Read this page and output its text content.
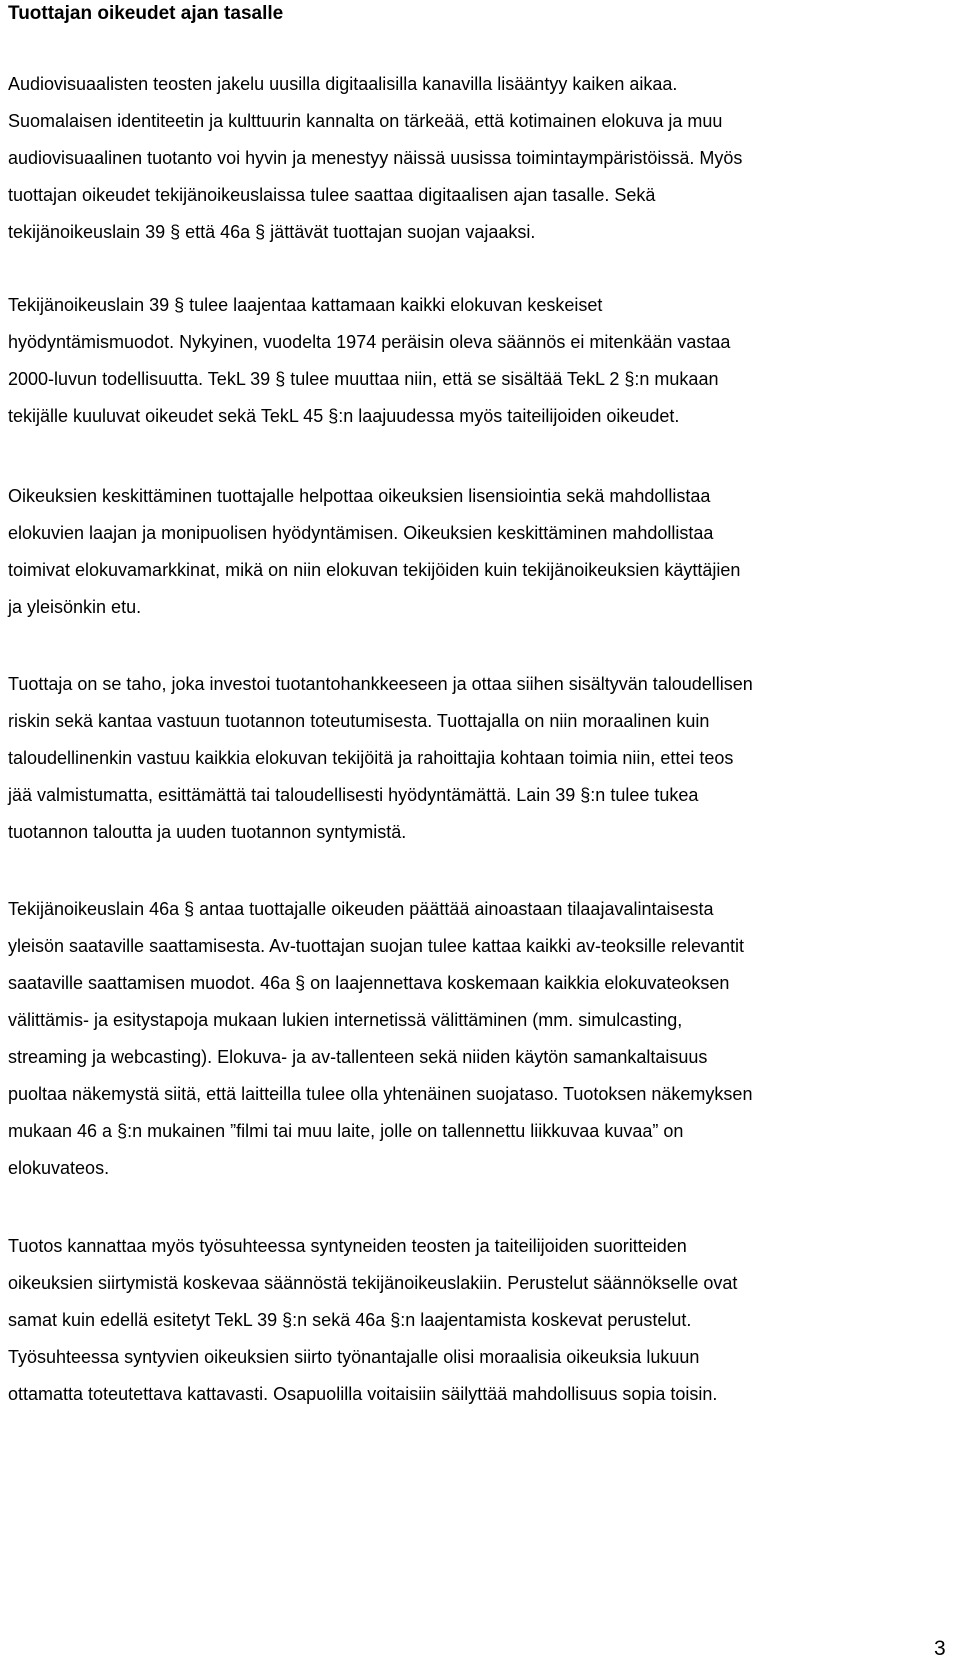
Tuottajan oikeudet ajan tasalle
Audiovisuaalisten teosten jakelu uusilla digitaalisilla kanavilla lisääntyy kaiken aikaa.
Suomalaisen identiteetin ja kulttuurin kannalta on tärkeää, että kotimainen elokuva ja muu
audiovisuaalinen tuotanto voi hyvin ja menestyy näissä uusissa toimintaympäristöissä. Myös
tuottajan oikeudet tekijänoikeuslaissa tulee saattaa digitaalisen ajan tasalle. Sekä
tekijänoikeuslain 39 § että 46a § jättävät tuottajan suojan vajaaksi.
Tekijänoikeuslain 39 § tulee laajentaa kattamaan kaikki elokuvan keskeiset
hyödyntämismuodot. Nykyinen, vuodelta 1974 peräisin oleva säännös ei mitenkään vastaa
2000-luvun todellisuutta. TekL 39 § tulee muuttaa niin, että se sisältää TekL 2 §:n mukaan
tekijälle kuuluvat oikeudet sekä TekL 45 §:n laajuudessa myös taiteilijoiden oikeudet.
Oikeuksien keskittäminen tuottajalle helpottaa oikeuksien lisensiointia sekä mahdollistaa
elokuvien laajan ja monipuolisen hyödyntämisen. Oikeuksien keskittäminen mahdollistaa
toimivat elokuvamarkkinat, mikä on niin elokuvan tekijöiden kuin tekijänoikeuksien käyttäjien
ja yleisönkin etu.
Tuottaja on se taho, joka investoi tuotantohankkeeseen ja ottaa siihen sisältyvän taloudellisen
riskin sekä kantaa vastuun tuotannon toteutumisesta. Tuottajalla on niin moraalinen kuin
taloudellinenkin vastuu kaikkia elokuvan tekijöitä ja rahoittajia kohtaan toimia niin, ettei teos
jää valmistumatta, esittämättä tai taloudellisesti hyödyntämättä. Lain 39 §:n tulee tukea
tuotannon taloutta ja uuden tuotannon syntymistä.
Tekijänoikeuslain 46a § antaa tuottajalle oikeuden päättää ainoastaan tilaajavalintaisesta
yleisön saataville saattamisesta. Av-tuottajan suojan tulee kattaa kaikki av-teoksille relevantit
saataville saattamisen muodot. 46a § on laajennettava koskemaan kaikkia elokuvateoksen
välittämis- ja esitystapoja mukaan lukien internetissä välittäminen (mm. simulcasting,
streaming ja webcasting). Elokuva- ja av-tallenteen sekä niiden käytön samankaltaisuus
puoltaa näkemystä siitä, että laitteilla tulee olla yhtenäinen suojataso. Tuotoksen näkemyksen
mukaan 46 a §:n mukainen ”filmi tai muu laite, jolle on tallennettu liikkuvaa kuvaa” on
elokuvateos.
Tuotos kannattaa myös työsuhteessa syntyneiden teosten ja taiteilijoiden suoritteiden
oikeuksien siirtymistä koskevaa säännöstä tekijänoikeuslakiin. Perustelut säännökselle ovat
samat kuin edellä esitetyt TekL 39 §:n sekä 46a §:n laajentamista koskevat perustelut.
Työsuhteessa syntyvien oikeuksien siirto työnantajalle olisi moraalisia oikeuksia lukuun
ottamatta toteutettava kattavasti. Osapuolilla voitaisiin säilyttää mahdollisuus sopia toisin.
3
